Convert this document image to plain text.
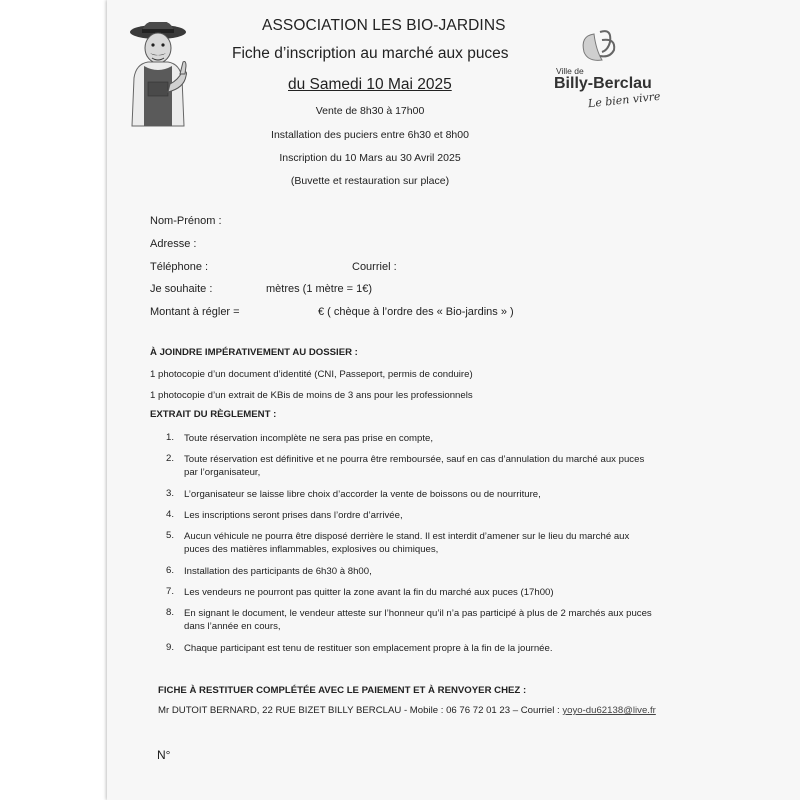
Ville de
Billy-Berclau
Le bien vivre
ASSOCIATION LES BIO-JARDINS
Fiche d’inscription au marché aux puces
du Samedi 10 Mai 2025
Vente de 8h30 à 17h00
Installation des puciers entre 6h30 et 8h00
Inscription du 10 Mars au 30 Avril 2025
(Buvette et restauration sur place)
Nom-Prénom :
Adresse :
Téléphone :	Courriel :
Je souhaite :	mètres (1 mètre = 1€)
Montant à régler =	€ ( chèque à l’ordre des « Bio-jardins » )
À JOINDRE IMPÉRATIVEMENT AU DOSSIER :
1 photocopie d’un document d’identité (CNI, Passeport, permis de conduire)
1 photocopie d’un extrait de KBis de moins de 3 ans pour les professionnels
EXTRAIT DU RÈGLEMENT :
1. Toute réservation incomplète ne sera pas prise en compte,
2. Toute réservation est définitive et ne pourra être remboursée, sauf en cas d’annulation du marché aux puces par l’organisateur,
3. L’organisateur se laisse libre choix d’accorder la vente de boissons ou de nourriture,
4. Les inscriptions seront prises dans l’ordre d’arrivée,
5. Aucun véhicule ne pourra être disposé derrière le stand. Il est interdit d’amener sur le lieu du marché aux puces des matières inflammables, explosives ou chimiques,
6. Installation des participants de 6h30 à 8h00,
7. Les vendeurs ne pourront pas quitter la zone avant la fin du marché aux puces (17h00)
8. En signant le document, le vendeur atteste sur l’honneur qu’il n’a pas participé à plus de 2 marchés aux puces dans l’année en cours,
9. Chaque participant est tenu de restituer son emplacement propre à la fin de la journée.
FICHE À RESTITUER COMPLÉTÉE AVEC LE PAIEMENT ET À RENVOYER CHEZ :
Mr DUTOIT BERNARD, 22 RUE BIZET BILLY BERCLAU - Mobile : 06 76 72 01 23 – Courriel : yoyo-du62138@live.fr
N°
